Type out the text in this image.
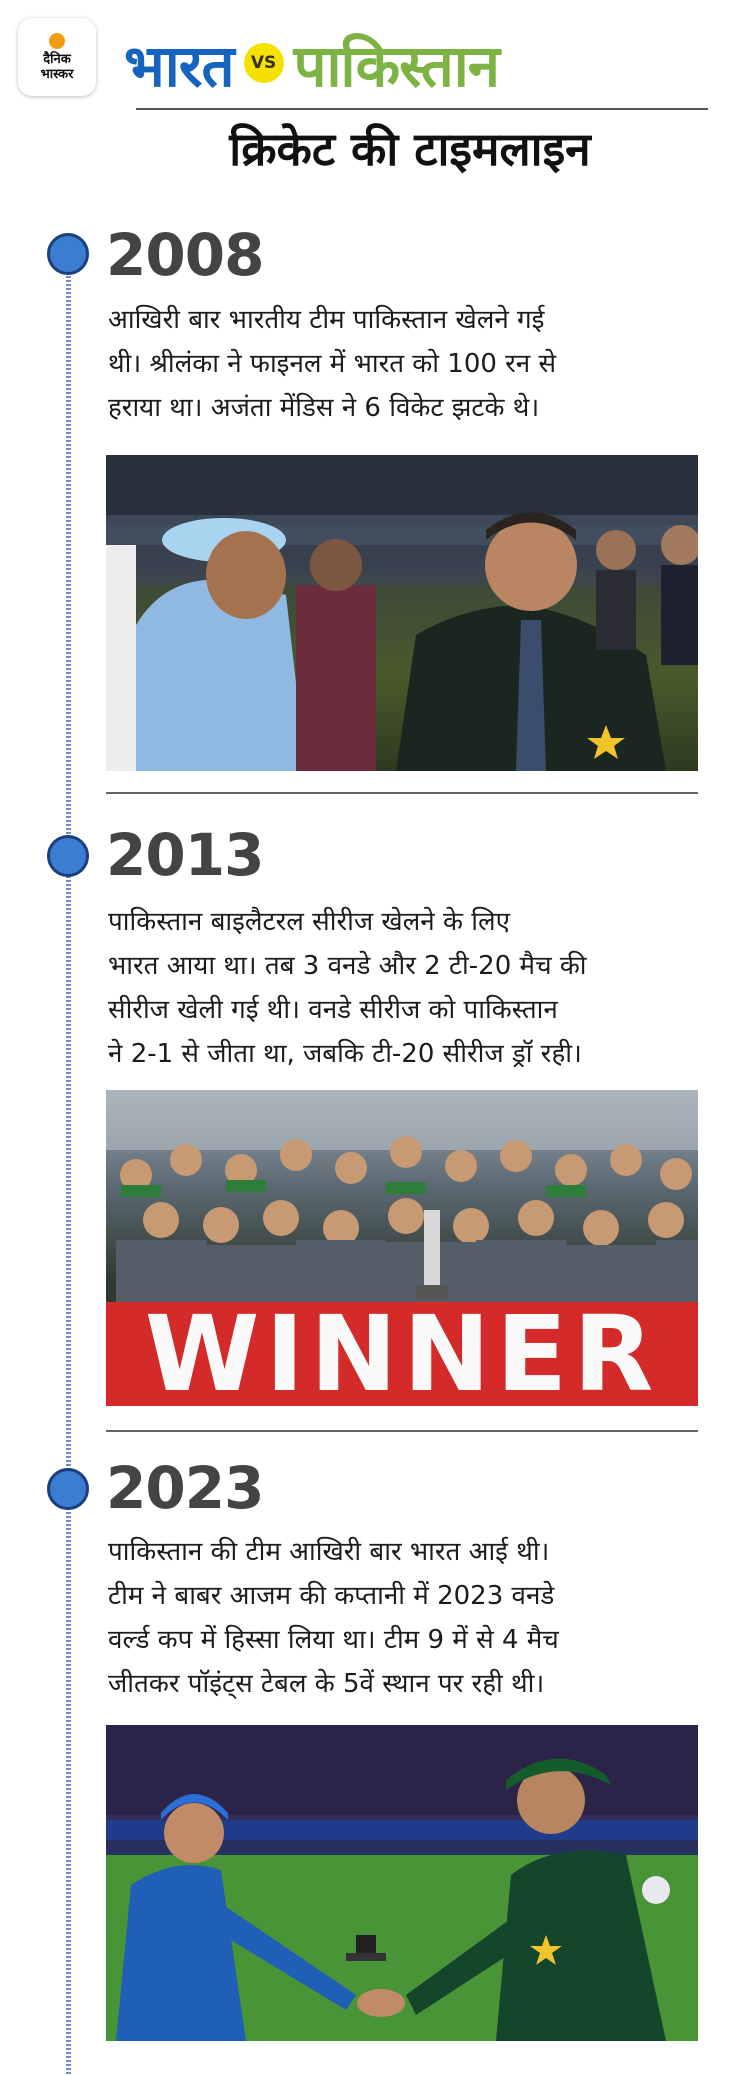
दैनिक
भास्कर भारत	VS पाकिस्तान
क्रिकेट की टाइमलाइन
2008
आखिरी बार भारतीय टीम पाकिस्तान खेलने गई
थी। श्रीलंका ने फाइनल में भारत को 100 रन से
हराया था। अजंता मेंडिस ने 6 विकेट झटके थे।
2013
पाकिस्तान बाइलैटरल सीरीज खेलने के लिए
भारत आया था। तब 3 वनडे और 2 टी-20 मैच की
सीरीज खेली गई थी। वनडे सीरीज को पाकिस्तान
ने 2-1 से जीता था, जबकि टी-20 सीरीज ड्रॉ रही।
WINNER
2023
पाकिस्तान की टीम आखिरी बार भारत आई थी।
टीम ने बाबर आजम की कप्तानी में 2023 वनडे
वर्ल्ड कप में हिस्सा लिया था। टीम 9 में से 4 मैच
जीतकर पॉइंट्स टेबल के 5वें स्थान पर रही थी।
